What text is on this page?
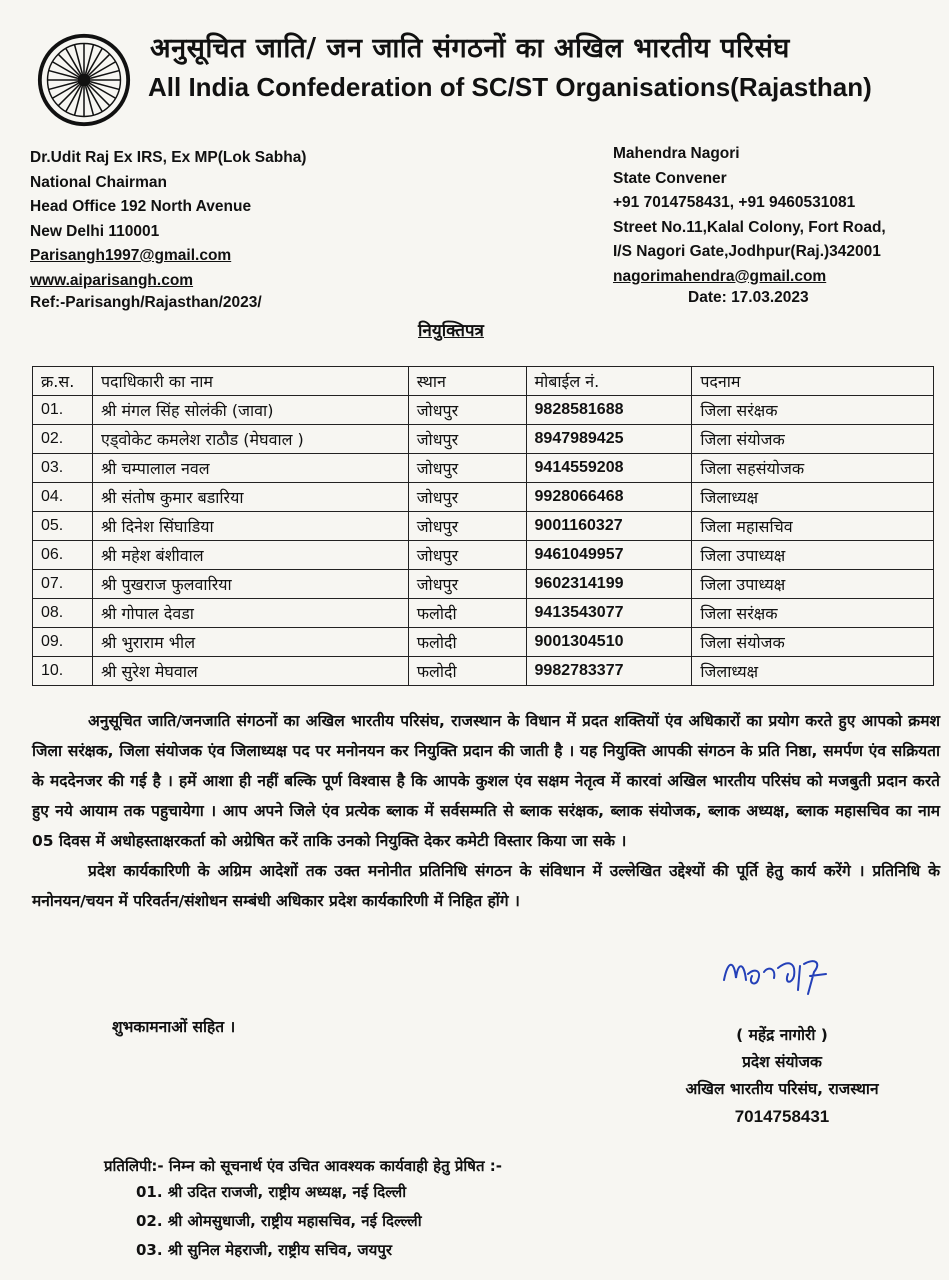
अनुसूचित जाति/ जन जाति संगठनों का अखिल भारतीय परिसंघ
All India Confederation of SC/ST Organisations(Rajasthan)
Dr.Udit Raj Ex IRS, Ex MP(Lok Sabha)
National Chairman
Head Office 192 North Avenue
New Delhi 110001
Parisangh1997@gmail.com
www.aiparisangh.com
Mahendra Nagori
State Convener
+91 7014758431, +91 9460531081
Street No.11,Kalal Colony, Fort Road,
I/S Nagori Gate,Jodhpur(Raj.)342001
nagorimahendra@gmail.com
Ref:-Parisangh/Rajasthan/2023/	Date: 17.03.2023
नियुक्तिपत्र
क्र.स.	पदाधिकारी का नाम	स्थान	मोबाईल नं.	पदनाम
01.	श्री मंगल सिंह सोलंकी (जावा)	जोधपुर	9828581688	जिला सरंक्षक
02.	एड्वोकेट कमलेश राठौड (मेघवाल )	जोधपुर	8947989425	जिला संयोजक
03.	श्री चम्पालाल नवल	जोधपुर	9414559208	जिला सहसंयोजक
04.	श्री संतोष कुमार बडारिया	जोधपुर	9928066468	जिलाध्यक्ष
05.	श्री दिनेश सिंघाडिया	जोधपुर	9001160327	जिला महासचिव
06.	श्री महेश बंशीवाल	जोधपुर	9461049957	जिला उपाध्यक्ष
07.	श्री पुखराज फुलवारिया	जोधपुर	9602314199	जिला उपाध्यक्ष
08.	श्री गोपाल देवडा	फलोदी	9413543077	जिला सरंक्षक
09.	श्री भुराराम भील	फलोदी	9001304510	जिला संयोजक
10.	श्री सुरेश मेघवाल	फलोदी	9982783377	जिलाध्यक्ष

अनुसूचित जाति/जनजाति संगठनों का अखिल भारतीय परिसंघ, राजस्थान के विधान में प्रदत शक्तियों एंव अधिकारों का प्रयोग करते हुए आपको क्रमश जिला सरंक्षक, जिला संयोजक एंव जिलाध्यक्ष पद पर मनोनयन कर नियुक्ति प्रदान की जाती है । यह नियुक्ति आपकी संगठन के प्रति निष्ठा, समर्पण एंव सक्रियता के मददेनजर की गई है । हमें आशा ही नहीं बल्कि पूर्ण विश्वास है कि आपके कुशल एंव सक्षम नेतृत्व में कारवां अखिल भारतीय परिसंघ को मजबुती प्रदान करते हुए नये आयाम तक पहुचायेगा । आप अपने जिले एंव प्रत्येक ब्लाक में सर्वसम्मति से ब्लाक सरंक्षक, ब्लाक संयोजक, ब्लाक अध्यक्ष, ब्लाक महासचिव का नाम 05 दिवस में अधोहस्ताक्षरकर्ता को अग्रेषित करें ताकि उनको नियुक्ति देकर कमेटी विस्तार किया जा सके ।

प्रदेश कार्यकारिणी के अग्रिम आदेशों तक उक्त मनोनीत प्रतिनिधि संगठन के संविधान में उल्लेखित उद्देश्यों की पूर्ति हेतु कार्य करेंगे । प्रतिनिधि के मनोनयन/चयन में परिवर्तन/संशोधन सम्बंधी अधिकार प्रदेश कार्यकारिणी में निहित होंगे ।

शुभकामनाओं सहित ।	( महेंद्र नागोरी )
प्रदेश संयोजक
अखिल भारतीय परिसंघ, राजस्थान
7014758431
प्रतिलिपी:- निम्न को सूचनार्थ एंव उचित आवश्यक कार्यवाही हेतु प्रेषित :-
01. श्री उदित राजजी, राष्ट्रीय अध्यक्ष, नई दिल्ली
02. श्री ओमसुधाजी, राष्ट्रीय महासचिव, नई दिल्ल्ली
03. श्री सुनिल मेहराजी, राष्ट्रीय सचिव, जयपुर
